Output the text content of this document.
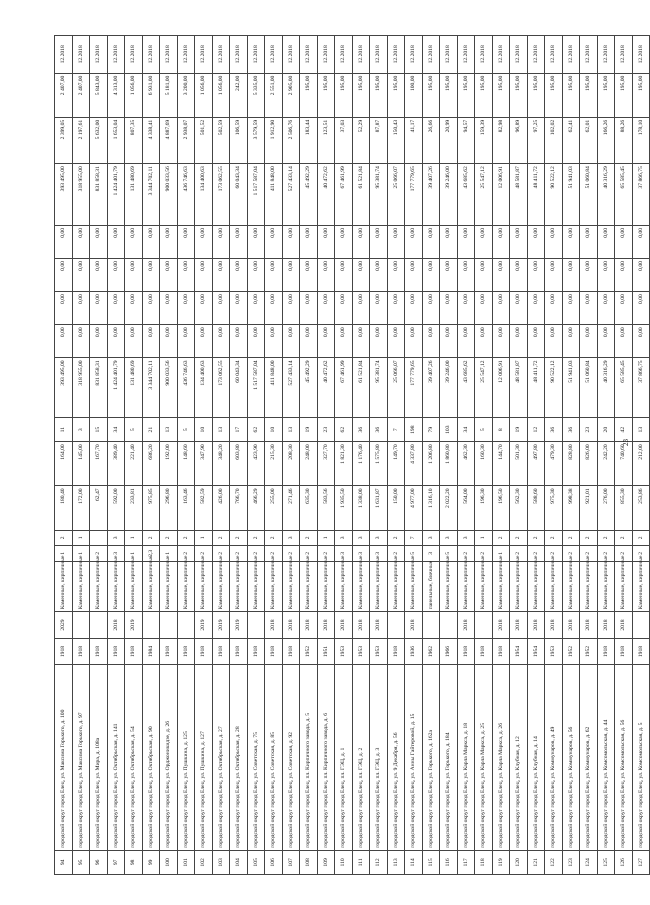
94	городской округ город Елец, ул. Максима Горького, д. 100	1918	2029	Каменные, кирпичные	1	2	180,40	164,00	11	393 495,00	0,00	0,00	0,00	0,00	393 495,00	2 399,05	2 407,00	12.2018
95	городской округ город Елец, ул. Максима Горького, д. 97	1918		Каменные, кирпичные	1	1	172,00	145,00	3	318 955,00	0,00	0,00	0,00	0,00	318 955,00	2 197,61	2 407,00	12.2018
96	городской округ город Елец, ул. Мира, д. 108а	1918		Каменные, кирпичные	2		62,47	167,70	15	831 858,31	0,00	0,00	0,00	0,00	831 858,31	5 632,00	5 843,00	12.2018
97	городской округ город Елец, ул. Октябрьская, д. 141	1918	2018	Каменные, кирпичные	3	3	592,00	389,40	34	1 424 401,79	0,00	0,00	0,00	0,00	1 424 401,79	1 653,04	4 313,00	12.2018
98	городской округ город Елец, ул. Октябрьская, д. 54	1918	2019	Каменные, кирпичные	1	1	233,81	221,40	5	131 480,69	0,00	0,00	0,00	0,00	131 480,69	807,35	1 056,00	12.2018
99	городской округ город Елец, ул. Октябрьская, д. 90	1984		Каменные, кирпичные	2,3	2	975,85	686,20	21	3 344 702,11	0,00	0,00	0,00	0,00	3 344 702,11	4 338,41	6 931,00	12.2018
100	городской округ город Елец, ул. Орджоникидзе, д. 26	1918		Каменные, кирпичные	1	2	296,80	192,00	13	900 033,56	0,00	0,00	0,00	0,00	900 033,56	4 887,69	5 181,00	12.2018
101	городской округ город Елец, ул. Пушкина, д. 125	1918		Каменные, кирпичные	2	2	163,46	148,60	5	436 746,63	0,00	0,00	0,00	0,00	436 746,63	2 938,07	3 200,00	12.2018
102	городской округ город Елец, ул. Пушкина, д. 127	1918	2019	Каменные, кирпичные	2	1	582,59	347,90	10	134 400,63	0,00	0,00	0,00	0,00	134 400,63	501,52	1 056,00	12.2018
103	городской округ город Елец, ул. Октябрьская, д. 27	1918	2019	Каменные, кирпичные	2	2	426,00	348,20	13	173 062,55	0,00	0,00	0,00	0,00	173 062,55	502,59	1 056,00	12.2018
104	городской округ город Елец, ул. Октябрьская, д. 28	1918	2019	Каменные, кирпичные	2	2	766,70	603,80	17	60 043,34	0,00	0,00	0,00	0,00	60 043,34	106,59	242,00	12.2018
105	городской округ город Елец, ул. Советская, д. 75	1918		Каменные, кирпичные	2	2	466,29	423,90	62	1 517 587,04	0,00	0,00	0,00	0,00	1 517 587,04	3 579,59	5 335,00	12.2018
106	городской округ город Елец, ул. Советская, д. 85	1918	2018	Каменные, кирпичные	2	2	255,00	215,30	10	411 848,00	0,00	0,00	0,00	0,00	411 848,00	1 912,90	2 551,00	12.2018
107	городской округ город Елец, ул. Советская, д. 92	1918	2018	Каменные, кирпичные	2	3	271,46	208,30	13	527 433,14	0,00	0,00	0,00	0,00	527 433,14	2 506,76	2 905,00	12.2018
108	городской округ город Елец, пл. Кирпичного завода, д. 5	1952	2018	Каменные, кирпичные	2	2	635,30	248,00	19	45 492,29	0,00	0,00	0,00	0,00	45 492,29	183,44	195,00	12.2018
109	городской округ город Елец, пл. Кирпичного завода, д. 6	1951	2018	Каменные, кирпичные	2	1	583,56	327,70	23	40 472,62	0,00	0,00	0,00	0,00	40 472,62	123,51	195,00	12.2018
110	городской округ город Елец, пл. ГЭЦ, д. 1	1953	2018	Каменные, кирпичные	3	3	1 935,50	1 821,30	62	67 461,99	0,00	0,00	0,00	0,00	67 461,99	37,03	195,00	12.2018
111	городской округ город Елец, пл. ГЭЦ, д. 2	1953	2018	Каменные, кирпичные	3	3	1 338,00	1 176,40	36	61 521,84	0,00	0,00	0,00	0,00	61 521,84	52,29	195,00	12.2018
112	городской округ город Елец, пл. ГЭЦ, д. 3	1953	2018	Каменные, кирпичные	3	3	1 631,87	1 575,80	36	95 381,74	0,00	0,00	0,00	0,00	95 381,74	87,87	195,00	12.2018
113	городской округ город Елец, ул. 9 Декабря, д. 56	1918		Каменные, кирпичные	2	2	150,00	149,70	7	25 066,07	0,00	0,00	0,00	0,00	25 066,07	150,43	195,00	12.2018
114	городской округ город Елец, ул. Анны Гайтеровой, д. 15	1936	2018	Каменные, кирпичные	5	7	4 977,00	4 337,80	198	177 779,65	0,00	0,00	0,00	0,00	177 779,65	41,17	100,00	12.2018
115	городской округ город Елец, ул. Горького, д. 162а	1962		панельные, блочные	3	3	1 316,10	1 206,80	79	39 407,26	0,00	0,00	0,00	0,00	39 407,26	26,66	195,00	12.2018
116	городской округ город Елец, ул. Горького, д. 184	1966		Каменные, кирпичные	5	3	2 022,20	1 860,80	103	39 246,00	0,00	0,00	0,00	0,00	39 246,00	20,99	195,00	12.2018
117	городской округ город Елец, ул. Карла Маркса, д. 18	1918	2018	Каменные, кирпичные	2	3	564,00	462,30	34	43 685,62	0,00	0,00	0,00	0,00	43 685,62	94,57	195,00	12.2018
118	городской округ город Елец, ул. Карла Маркса, д. 25	1918		Каменные, кирпичные	2	1	196,30	160,30	5	25 547,12	0,00	0,00	0,00	0,00	25 547,12	159,39	195,00	12.2018
119	городской округ город Елец, ул. Карла Маркса, д. 26	1918	2018	Каменные, кирпичные	1	2	196,50	144,70	8	12 006,91	0,00	0,00	0,00	0,00	12 006,91	82,98	195,00	12.2018
120	городской округ город Елец, ул. Клубная, д. 12	1954	2018	Каменные, кирпичные	2	2	562,30	501,30	19	48 581,87	0,00	0,00	0,00	0,00	48 581,87	96,89	195,00	12.2018
121	городской округ город Елец, ул. Клубная, д. 14	1954	2018	Каменные, кирпичные	2	2	588,60	497,80	12	48 411,72	0,00	0,00	0,00	0,00	48 411,72	97,25	195,00	12.2018
122	городской округ город Елец, ул. Коммунаров, д. 49	1953	2018	Каменные, кирпичные	2	2	975,30	479,30	36	90 522,12	0,00	0,00	0,00	0,00	90 522,12	102,02	195,00	12.2018
123	городской округ город Елец, ул. Коммунаров, д. 56	1952	2018	Каменные, кирпичные	2	2	998,38	828,80	36	51 941,03	0,00	0,00	0,00	0,00	51 941,03	62,41	195,00	12.2018
124	городской округ город Елец, ул. Коммунаров, д. 62	1952	2018	Каменные, кирпичные	2	2	921,01	826,00	23	51 060,84	0,00	0,00	0,00	0,00	51 060,84	62,01	195,00	12.2018
125	городской округ город Елец, ул. Комсомольская, д. 44	1918	2018	Каменные, кирпичные	2	2	276,00	242,20	20	40 316,29	0,00	0,00	0,00	0,00	40 316,29	166,26	195,00	12.2018
126	городской округ город Елец, ул. Комсомольская, д. 56	1918	2018	Каменные, кирпичные	2	2	855,30	740,60	42	65 585,45	0,00	0,00	0,00	0,00	65 585,45	88,26	195,00	12.2018
127	городской округ город Елец, ул. Комсомольская, д. 5	1918		Каменные, кирпичные	2	2	253,86	212,00	13	37 866,75	0,00	0,00	0,00	0,00	37 866,75	178,10	195,00	12.2018
23
